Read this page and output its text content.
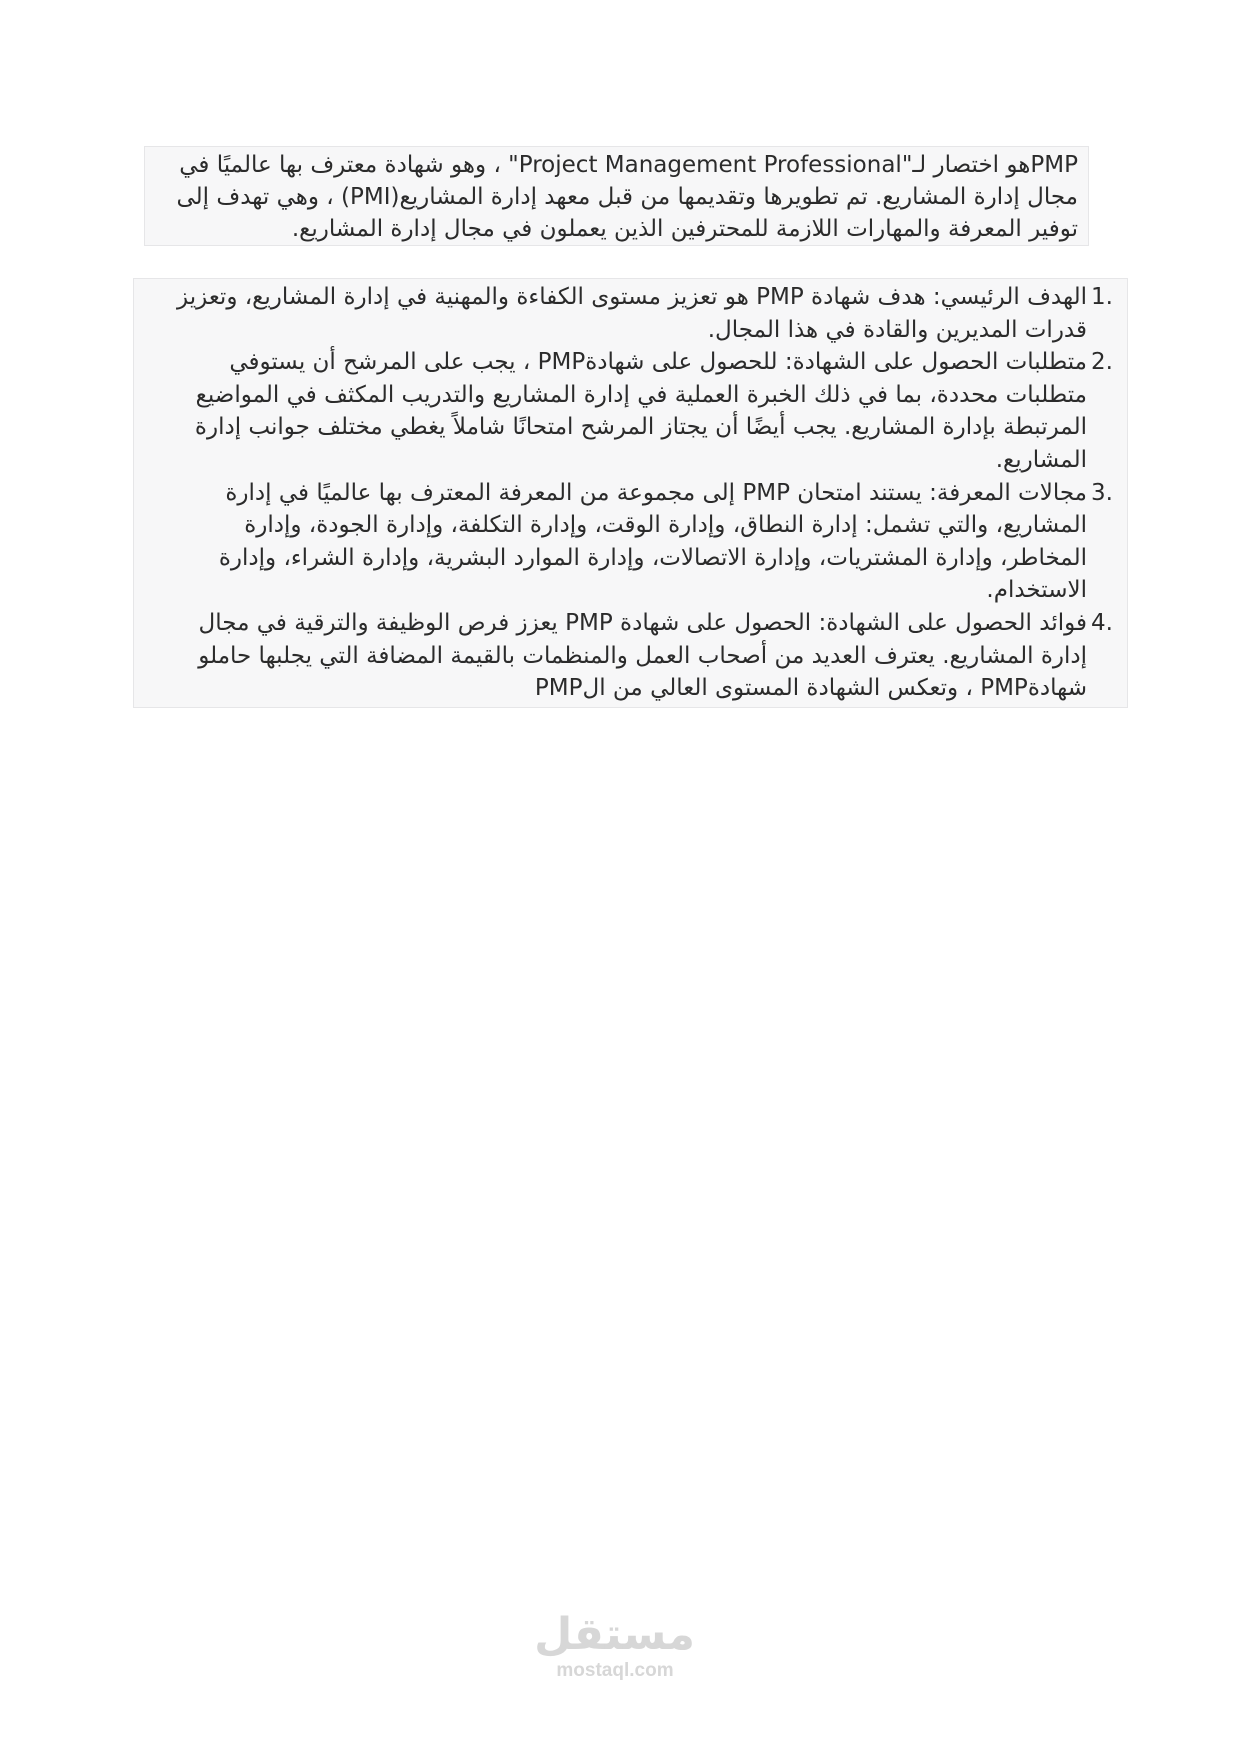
PMPهو اختصار لـ"Project Management Professional" ، وهو شهادة معترف بها عالميًا في مجال إدارة المشاريع. تم تطويرها وتقديمها من قبل معهد إدارة المشاريع(PMI) ، وهي تهدف إلى توفير المعرفة والمهارات اللازمة للمحترفين الذين يعملون في مجال إدارة المشاريع.

1.
الهدف الرئيسي: هدف شهادة PMP هو تعزيز مستوى الكفاءة والمهنية في إدارة المشاريع، وتعزيز قدرات المديرين والقادة في هذا المجال.
2.
متطلبات الحصول على الشهادة: للحصول على شهادةPMP ، يجب على المرشح أن يستوفي متطلبات محددة، بما في ذلك الخبرة العملية في إدارة المشاريع والتدريب المكثف في المواضيع المرتبطة بإدارة المشاريع. يجب أيضًا أن يجتاز المرشح امتحانًا شاملاً يغطي مختلف جوانب إدارة المشاريع.
3.
مجالات المعرفة: يستند امتحان PMP إلى مجموعة من المعرفة المعترف بها عالميًا في إدارة المشاريع، والتي تشمل: إدارة النطاق، وإدارة الوقت، وإدارة التكلفة، وإدارة الجودة، وإدارة المخاطر، وإدارة المشتريات، وإدارة الاتصالات، وإدارة الموارد البشرية، وإدارة الشراء، وإدارة الاستخدام.
4.
فوائد الحصول على الشهادة: الحصول على شهادة PMP يعزز فرص الوظيفة والترقية في مجال إدارة المشاريع. يعترف العديد من أصحاب العمل والمنظمات بالقيمة المضافة التي يجلبها حاملو شهادةPMP ، وتعكس الشهادة المستوى العالي من الPMP
مستقل
mostaql.com
